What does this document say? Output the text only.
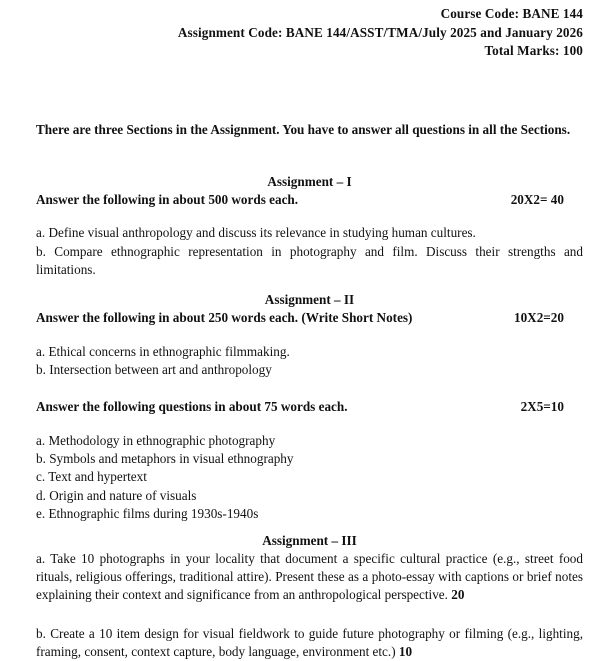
Course Code: BANE 144
Assignment Code: BANE 144/ASST/TMA/July 2025 and January 2026
Total Marks: 100
There are three Sections in the Assignment. You have to answer all questions in all the Sections.
Assignment – I
Answer the following in about 500 words each.	20X2= 40
a. Define visual anthropology and discuss its relevance in studying human cultures.
b. Compare ethnographic representation in photography and film. Discuss their strengths and limitations.
Assignment – II
Answer the following in about 250 words each. (Write Short Notes)	10X2=20
a. Ethical concerns in ethnographic filmmaking.
b. Intersection between art and anthropology
Answer the following questions in about 75 words each.	2X5=10
a. Methodology in ethnographic photography
b. Symbols and metaphors in visual ethnography
c. Text and hypertext
d. Origin and nature of visuals
e. Ethnographic films during 1930s-1940s
Assignment – III
a. Take 10 photographs in your locality that document a specific cultural practice (e.g., street food rituals, religious offerings, traditional attire). Present these as a photo-essay with captions or brief notes explaining their context and significance from an anthropological perspective. 20
b. Create a 10 item design for visual fieldwork to guide future photography or filming (e.g., lighting, framing, consent, context capture, body language, environment etc.) 10
